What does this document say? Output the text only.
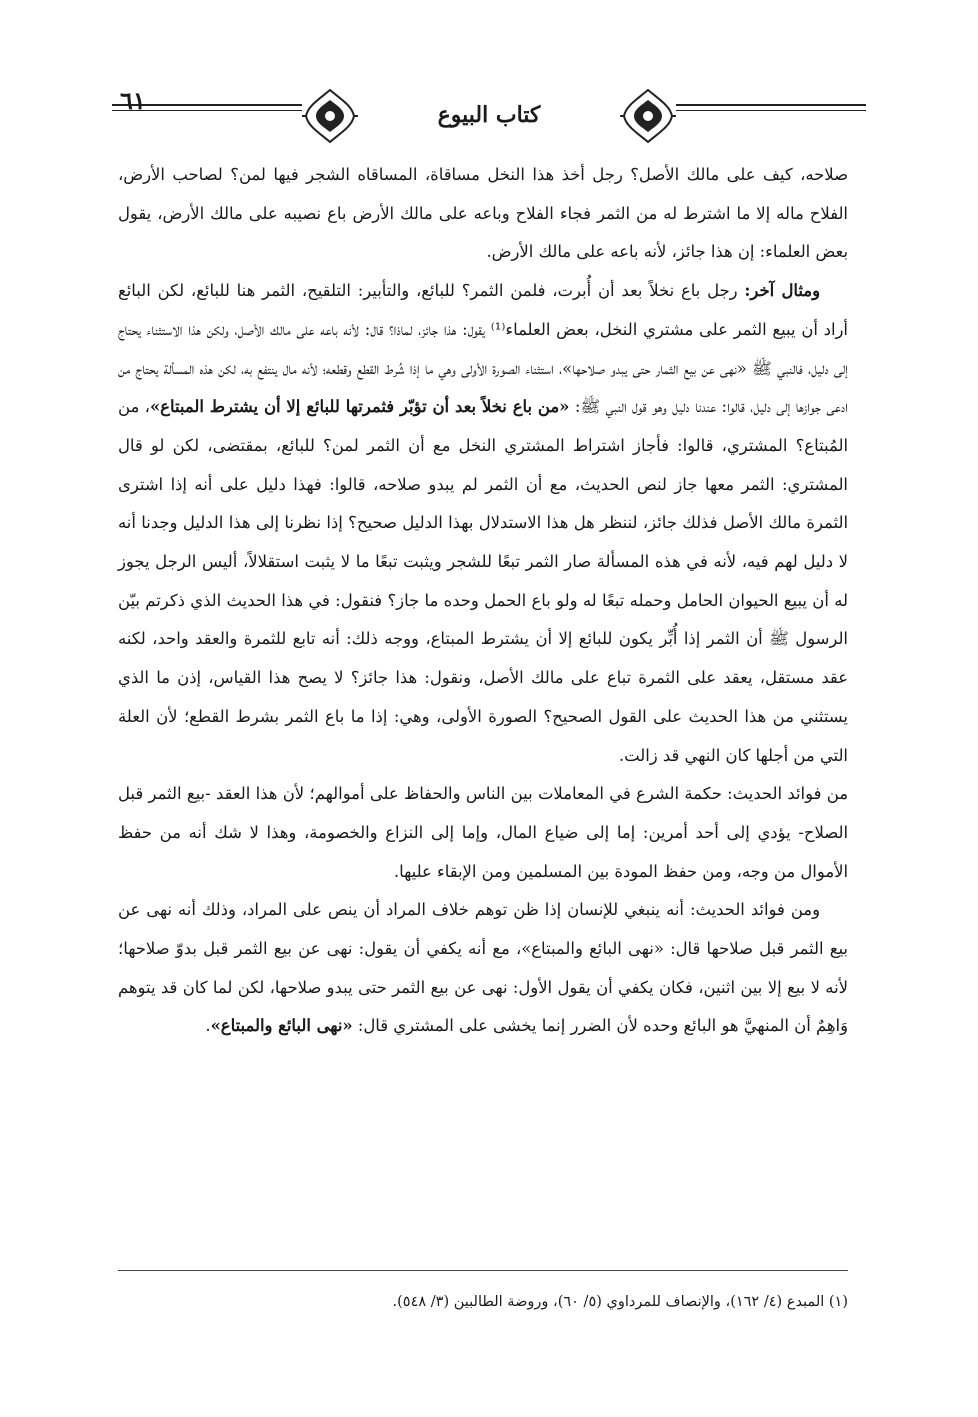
كتاب البيوع
٦١

صلاحه، كيف على مالك الأصل؟ رجل أخذ هذا النخل مساقاة، المساقاه الشجر فيها لمن؟ لصاحب الأرض، الفلاح ماله إلا ما اشترط له من الثمر فجاء الفلاح وباعه على مالك الأرض باع نصيبه على مالك الأرض، يقول بعض العلماء: إن هذا جائز، لأنه باعه على مالك الأرض.

ومثال آخر: رجل باع نخلاً بعد أن أُبرت، فلمن الثمر؟ للبائع، والتأبير: التلقيح، الثمر هنا للبائع، لكن البائع أراد أن يبيع الثمر على مشتري النخل، بعض العلماء⁽¹⁾ يقول: هذا جائز، لماذا؟ قال: لأنه باعه على مالك الأصل، ولكن هذا الاستثناء يحتاج إلى دليل، فالنبي ﷺ «نهى عن بيع الثمار حتى يبدو صلاحها»، استثناء الصورة الأولى وهي ما إذا شُرط القطع وقطعه؛ لأنه مال ينتفع به، لكن هذه المسألة يحتاج من ادعى جوازها إلى دليل، قالوا: عندنا دليل وهو قول النبي ﷺ: «من باع نخلاً بعد أن تؤبّر فثمرتها للبائع إلا أن يشترط المبتاع»، من المُبتاع؟ المشتري، قالوا: فأجاز اشتراط المشتري النخل مع أن الثمر لمن؟ للبائع، بمقتضى، لكن لو قال المشتري: الثمر معها جاز لنص الحديث، مع أن الثمر لم يبدو صلاحه، قالوا: فهذا دليل على أنه إذا اشترى الثمرة مالك الأصل فذلك جائز، لننظر هل هذا الاستدلال بهذا الدليل صحيح؟ إذا نظرنا إلى هذا الدليل وجدنا أنه لا دليل لهم فيه، لأنه في هذه المسألة صار الثمر تبعًا للشجر ويثبت تبعًا ما لا يثبت استقلالاً، أليس الرجل يجوز له أن يبيع الحيوان الحامل وحمله تبعًا له ولو باع الحمل وحده ما جاز؟ فنقول: في هذا الحديث الذي ذكرتم بيّن الرسول ﷺ أن الثمر إذا أُبِّر يكون للبائع إلا أن يشترط المبتاع، ووجه ذلك: أنه تابع للثمرة والعقد واحد، لكنه عقد مستقل، يعقد على الثمرة تباع على مالك الأصل، ونقول: هذا جائز؟ لا يصح هذا القياس، إذن ما الذي يستثني من هذا الحديث على القول الصحيح؟ الصورة الأولى، وهي: إذا ما باع الثمر بشرط القطع؛ لأن العلة التي من أجلها كان النهي قد زالت.

من فوائد الحديث: حكمة الشرع في المعاملات بين الناس والحفاظ على أموالهم؛ لأن هذا العقد -بيع الثمر قبل الصلاح- يؤدي إلى أحد أمرين: إما إلى ضياع المال، وإما إلى النزاع والخصومة، وهذا لا شك أنه من حفظ الأموال من وجه، ومن حفظ المودة بين المسلمين ومن الإبقاء عليها.

ومن فوائد الحديث: أنه ينبغي للإنسان إذا ظن توهم خلاف المراد أن ينص على المراد، وذلك أنه نهى عن بيع الثمر قبل صلاحها قال: «نهى البائع والمبتاع»، مع أنه يكفي أن يقول: نهى عن بيع الثمر قبل بدوّ صلاحها؛ لأنه لا بيع إلا بين اثنين، فكان يكفي أن يقول الأول: نهى عن بيع الثمر حتى يبدو صلاحها، لكن لما كان قد يتوهم وَاهِمٌ أن المنهيَّ هو البائع وحده لأن الضرر إنما يخشى على المشتري قال: «نهى البائع والمبتاع».

(١) المبدع (٤/ ١٦٢)، والإنصاف للمرداوي (٥/ ٦٠)، وروضة الطالبين (٣/ ٥٤٨).
